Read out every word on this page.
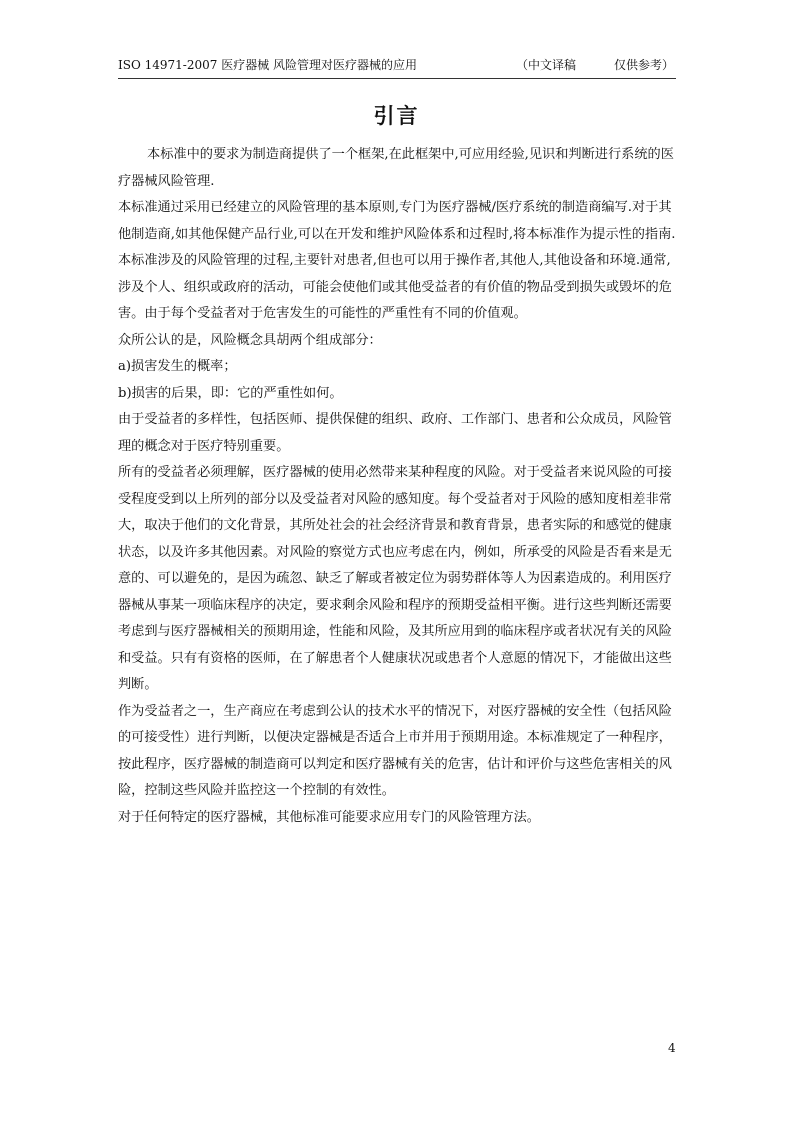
ISO 14971-2007 医疗器械 风险管理对医疗器械的应用	（中文译稿	仅供参考）
引言

本标准中的要求为制造商提供了一个框架,在此框架中,可应用经验,见识和判断进行系统的医疗器械风险管理.

本标准通过采用已经建立的风险管理的基本原则,专门为医疗器械/医疗系统的制造商编写.对于其他制造商,如其他保健产品行业,可以在开发和维护风险体系和过程时,将本标准作为提示性的指南.

本标准涉及的风险管理的过程,主要针对患者,但也可以用于操作者,其他人,其他设备和环境.通常,涉及个人、组织或政府的活动，可能会使他们或其他受益者的有价值的物品受到损失或毁坏的危害。由于每个受益者对于危害发生的可能性的严重性有不同的价值观。

众所公认的是，风险概念具胡两个组成部分：

a)损害发生的概率；

b)损害的后果，即：它的严重性如何。

由于受益者的多样性，包括医师、提供保健的组织、政府、工作部门、患者和公众成员，风险管理的概念对于医疗特别重要。

所有的受益者必须理解，医疗器械的使用必然带来某种程度的风险。对于受益者来说风险的可接受程度受到以上所列的部分以及受益者对风险的感知度。每个受益者对于风险的感知度相差非常大，取决于他们的文化背景，其所处社会的社会经济背景和教育背景，患者实际的和感觉的健康状态，以及许多其他因素。对风险的察觉方式也应考虑在内，例如，所承受的风险是否看来是无意的、可以避免的，是因为疏忽、缺乏了解或者被定位为弱势群体等人为因素造成的。利用医疗器械从事某一项临床程序的决定，要求剩余风险和程序的预期受益相平衡。进行这些判断还需要考虑到与医疗器械相关的预期用途，性能和风险，及其所应用到的临床程序或者状况有关的风险和受益。只有有资格的医师，在了解患者个人健康状况或患者个人意愿的情况下，才能做出这些判断。

作为受益者之一，生产商应在考虑到公认的技术水平的情况下，对医疗器械的安全性（包括风险的可接受性）进行判断，以便决定器械是否适合上市并用于预期用途。本标准规定了一种程序，按此程序，医疗器械的制造商可以判定和医疗器械有关的危害，估计和评价与这些危害相关的风险，控制这些风险并监控这一个控制的有效性。

对于任何特定的医疗器械，其他标准可能要求应用专门的风险管理方法。

4
